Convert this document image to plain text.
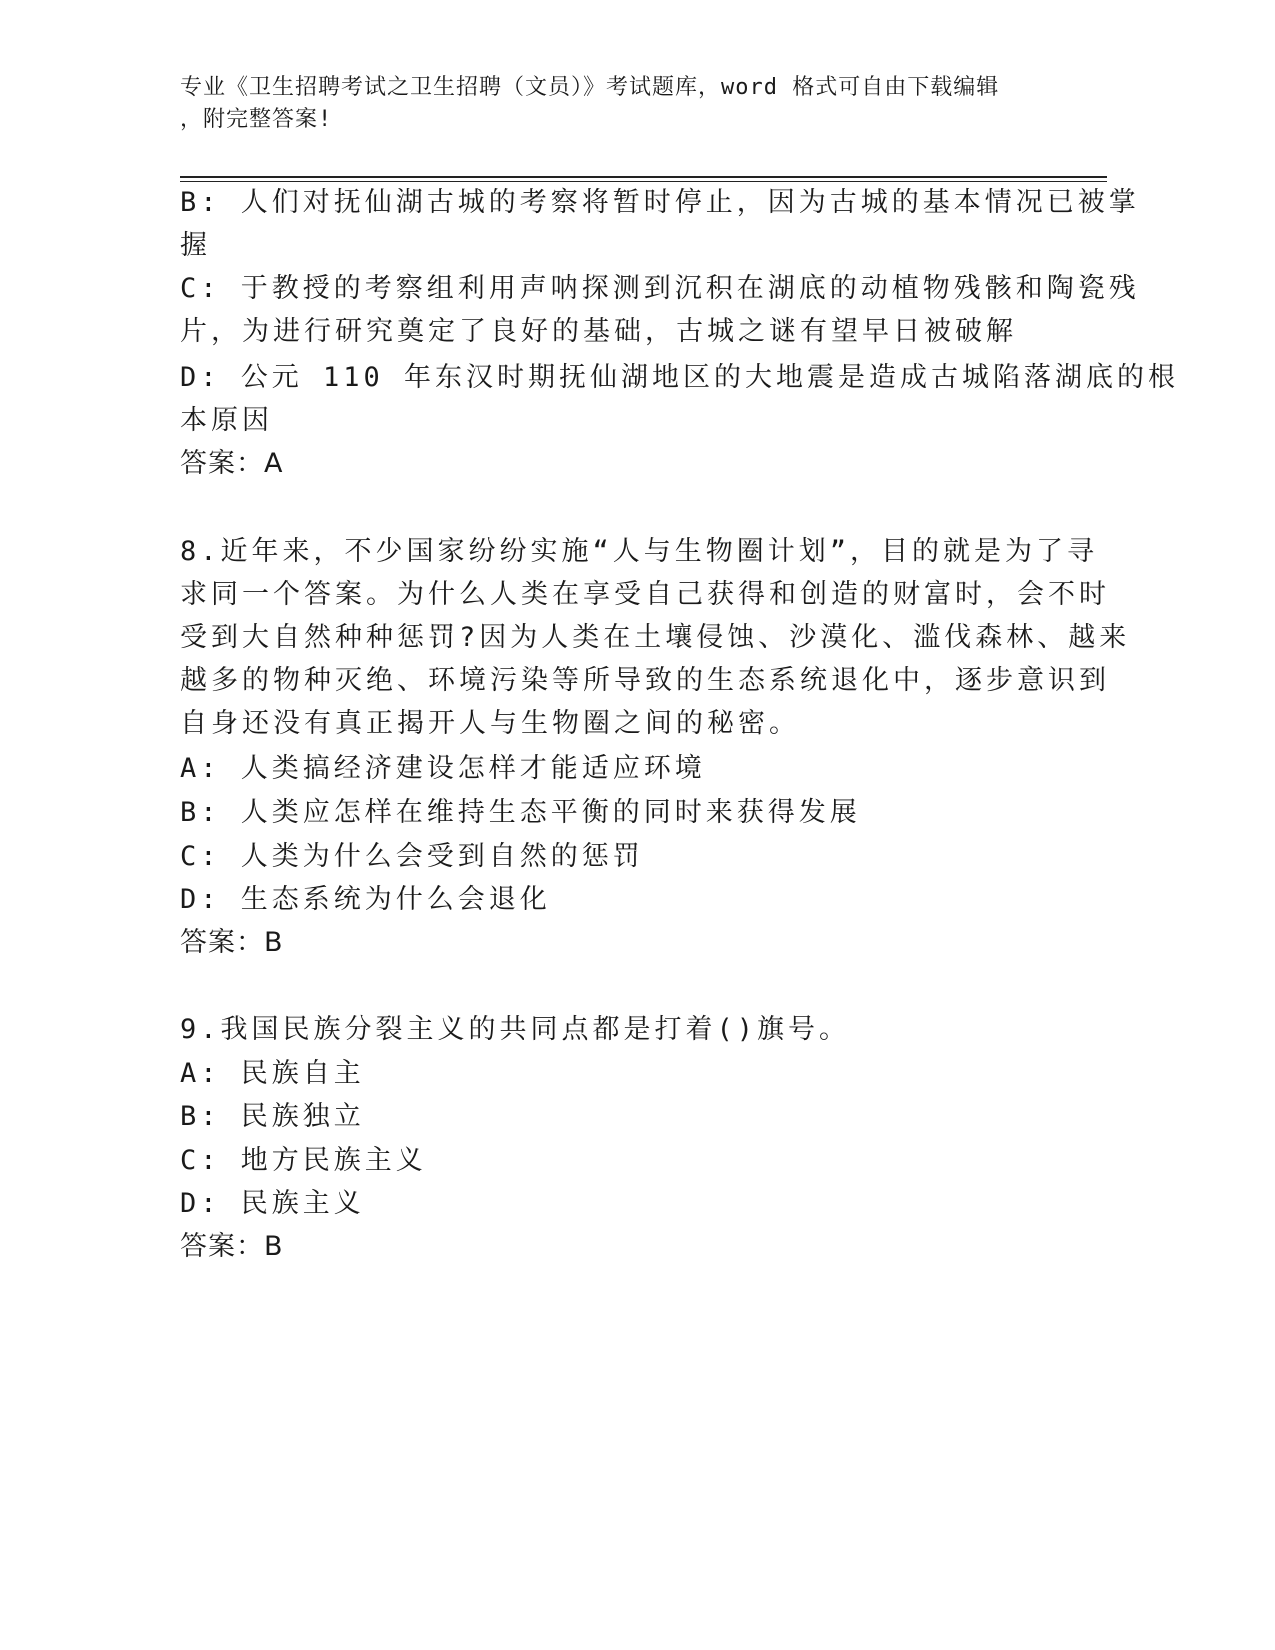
专业《卫生招聘考试之卫生招聘（文员）》考试题库，word 格式可自由下载编辑
，附完整答案!
B: 人们对抚仙湖古城的考察将暂时停止，因为古城的基本情况已被掌
握
C: 于教授的考察组利用声呐探测到沉积在湖底的动植物残骸和陶瓷残
片，为进行研究奠定了良好的基础，古城之谜有望早日被破解
D: 公元 110 年东汉时期抚仙湖地区的大地震是造成古城陷落湖底的根
本原因
答案：A
8.近年来，不少国家纷纷实施“人与生物圈计划”，目的就是为了寻
求同一个答案。为什么人类在享受自己获得和创造的财富时，会不时
受到大自然种种惩罚?因为人类在土壤侵蚀、沙漠化、滥伐森林、越来
越多的物种灭绝、环境污染等所导致的生态系统退化中，逐步意识到
自身还没有真正揭开人与生物圈之间的秘密。
A: 人类搞经济建设怎样才能适应环境
B: 人类应怎样在维持生态平衡的同时来获得发展
C: 人类为什么会受到自然的惩罚
D: 生态系统为什么会退化
答案：B
9.我国民族分裂主义的共同点都是打着()旗号。
A: 民族自主
B: 民族独立
C: 地方民族主义
D: 民族主义
答案：B
